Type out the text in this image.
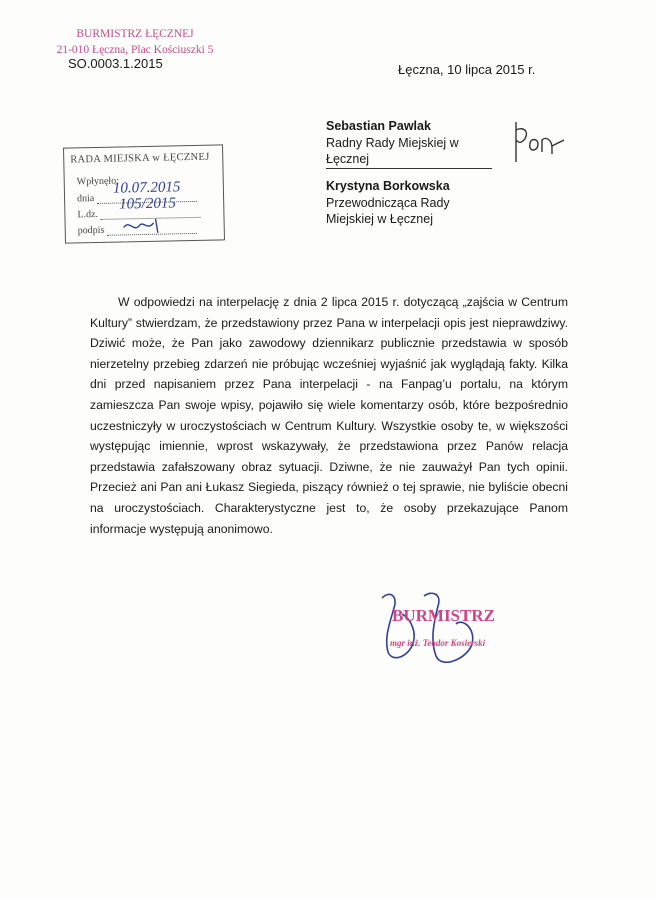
BURMISTRZ ŁĘCZNEJ
21-010 Łęczna, Plac Kościuszki 5
SO.0003.1.2015	Łęczna, 10 lipca 2015 r.
Sebastian Pawlak
Radny Rady Miejskiej w Łęcznej
Krystyna Borkowska
Przewodnicząca Rady Miejskiej w Łęcznej
RADA MIEJSKA w ŁĘCZNEJ
Wpłynęło:
dnia
L.dz.
podpis
10.07.2015
105/2015

W odpowiedzi na interpelację z dnia 2 lipca 2015 r. dotyczącą „zajścia w Centrum Kultury” stwierdzam, że przedstawiony przez Pana w interpelacji opis jest nieprawdziwy. Dziwić może, że Pan jako zawodowy dziennikarz publicznie przedstawia w sposób nierzetelny przebieg zdarzeń nie próbując wcześniej wyjaśnić jak wyglądają fakty. Kilka dni przed napisaniem przez Pana interpelacji - na Fanpag’u portalu, na którym zamieszcza Pan swoje wpisy, pojawiło się wiele komentarzy osób, które bezpośrednio uczestniczyły w uroczystościach w Centrum Kultury. Wszystkie osoby te, w większości występując imiennie, wprost wskazywały, że przedstawiona przez Panów relacja przedstawia zafałszowany obraz sytuacji. Dziwne, że nie zauważył Pan tych opinii. Przecież ani Pan ani Łukasz Siegieda, piszący również o tej sprawie, nie byliście obecni na uroczystościach. Charakterystyczne jest to, że osoby przekazujące Panom informacje występują anonimowo.

BURMISTRZ
mgr inż. Teodor Kosierski
